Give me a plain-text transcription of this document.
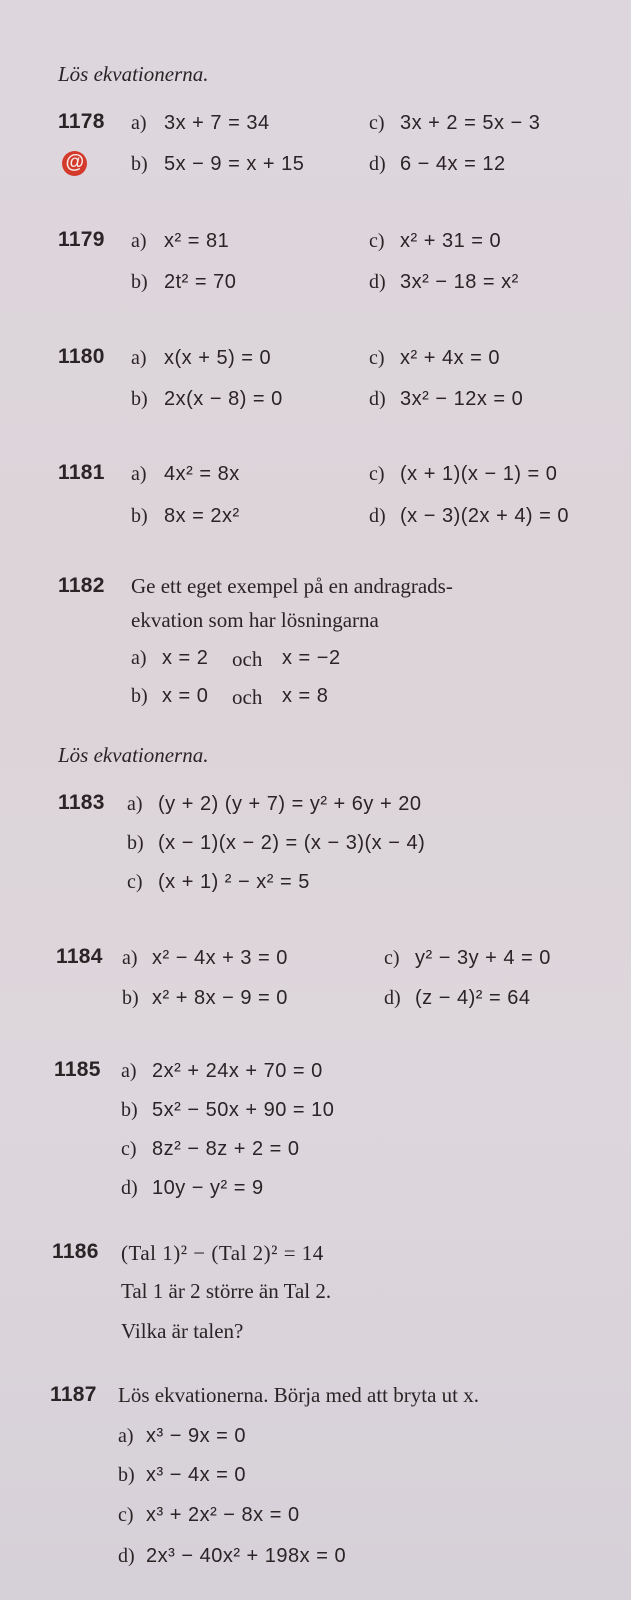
Lös ekvationerna.
1178 a) 3x + 7 = 34	c) 3x + 2 = 5x − 3
@ b) 5x − 9 = x + 15	d) 6 − 4x = 12
1179 a) x² = 81	c) x² + 31 = 0
b) 2t² = 70	d) 3x² − 18 = x²
1180 a) x(x + 5) = 0	c) x² + 4x = 0
b) 2x(x − 8) = 0	d) 3x² − 12x = 0
1181 a) 4x² = 8x	c) (x + 1)(x − 1) = 0
b) 8x = 2x²	d) (x − 3)(2x + 4) = 0
1182 Ge ett eget exempel på en andragrads-
ekvation som har lösningarna
a) x = 2 och x = −2
b) x = 0 och x = 8
Lös ekvationerna.
1183 a) (y + 2) (y + 7) = y² + 6y + 20
b) (x − 1)(x − 2) = (x − 3)(x − 4)
c) (x + 1) ² − x² = 5
1184 a) x² − 4x + 3 = 0	c) y² − 3y + 4 = 0
b) x² + 8x − 9 = 0	d) (z − 4)² = 64
1185 a) 2x² + 24x + 70 = 0
b) 5x² − 50x + 90 = 10
c) 8z² − 8z + 2 = 0
d) 10y − y² = 9
1186 (Tal 1)² − (Tal 2)² = 14
Tal 1 är 2 större än Tal 2.
Vilka är talen?
1187 Lös ekvationerna. Börja med att bryta ut x.
a) x³ − 9x = 0
b) x³ − 4x = 0
c) x³ + 2x² − 8x = 0
d) 2x³ − 40x² + 198x = 0
